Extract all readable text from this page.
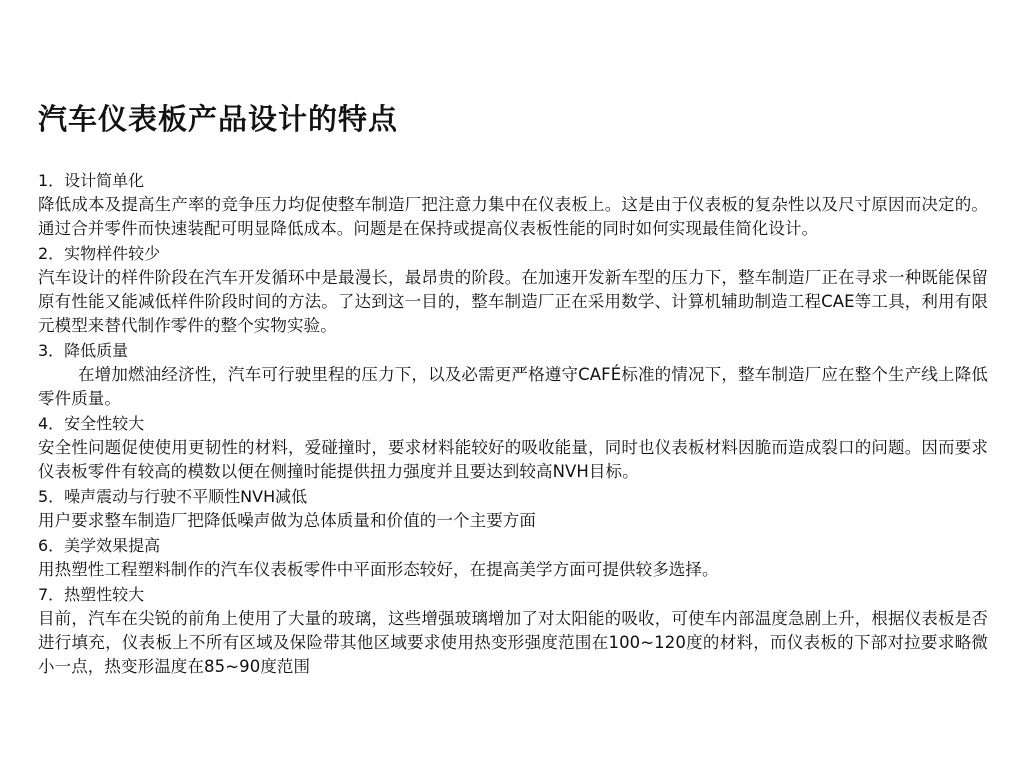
汽车仪表板产品设计的特点
1．设计简单化

降低成本及提高生产率的竞争压力均促使整车制造厂把注意力集中在仪表板上。这是由于仪表板的复杂性以及尺寸原因而决定的。通过合并零件而快速装配可明显降低成本。问题是在保持或提高仪表板性能的同时如何实现最佳简化设计。

2．实物样件较少

汽车设计的样件阶段在汽车开发循环中是最漫长，最昂贵的阶段。在加速开发新车型的压力下，整车制造厂正在寻求一种既能保留原有性能又能减低样件阶段时间的方法。了达到这一目的，整车制造厂正在采用数学、计算机辅助制造工程CAE等工具，利用有限元模型来替代制作零件的整个实物实验。

3．降低质量

在增加燃油经济性，汽车可行驶里程的压力下，以及必需更严格遵守CAFÉ标准的情况下，整车制造厂应在整个生产线上降低零件质量。

4．安全性较大

安全性问题促使使用更韧性的材料，爱碰撞时，要求材料能较好的吸收能量，同时也仪表板材料因脆而造成裂口的问题。因而要求仪表板零件有较高的模数以便在侧撞时能提供扭力强度并且要达到较高NVH目标。

5．噪声震动与行驶不平顺性NVH减低

用户要求整车制造厂把降低噪声做为总体质量和价值的一个主要方面

6．美学效果提高

用热塑性工程塑料制作的汽车仪表板零件中平面形态较好，在提高美学方面可提供较多选择。

7．热塑性较大

目前，汽车在尖锐的前角上使用了大量的玻璃，这些增强玻璃增加了对太阳能的吸收，可使车内部温度急剧上升，根据仪表板是否进行填充，仪表板上不所有区域及保险带其他区域要求使用热变形强度范围在100~120度的材料，而仪表板的下部对拉要求略微小一点，热变形温度在85~90度范围
